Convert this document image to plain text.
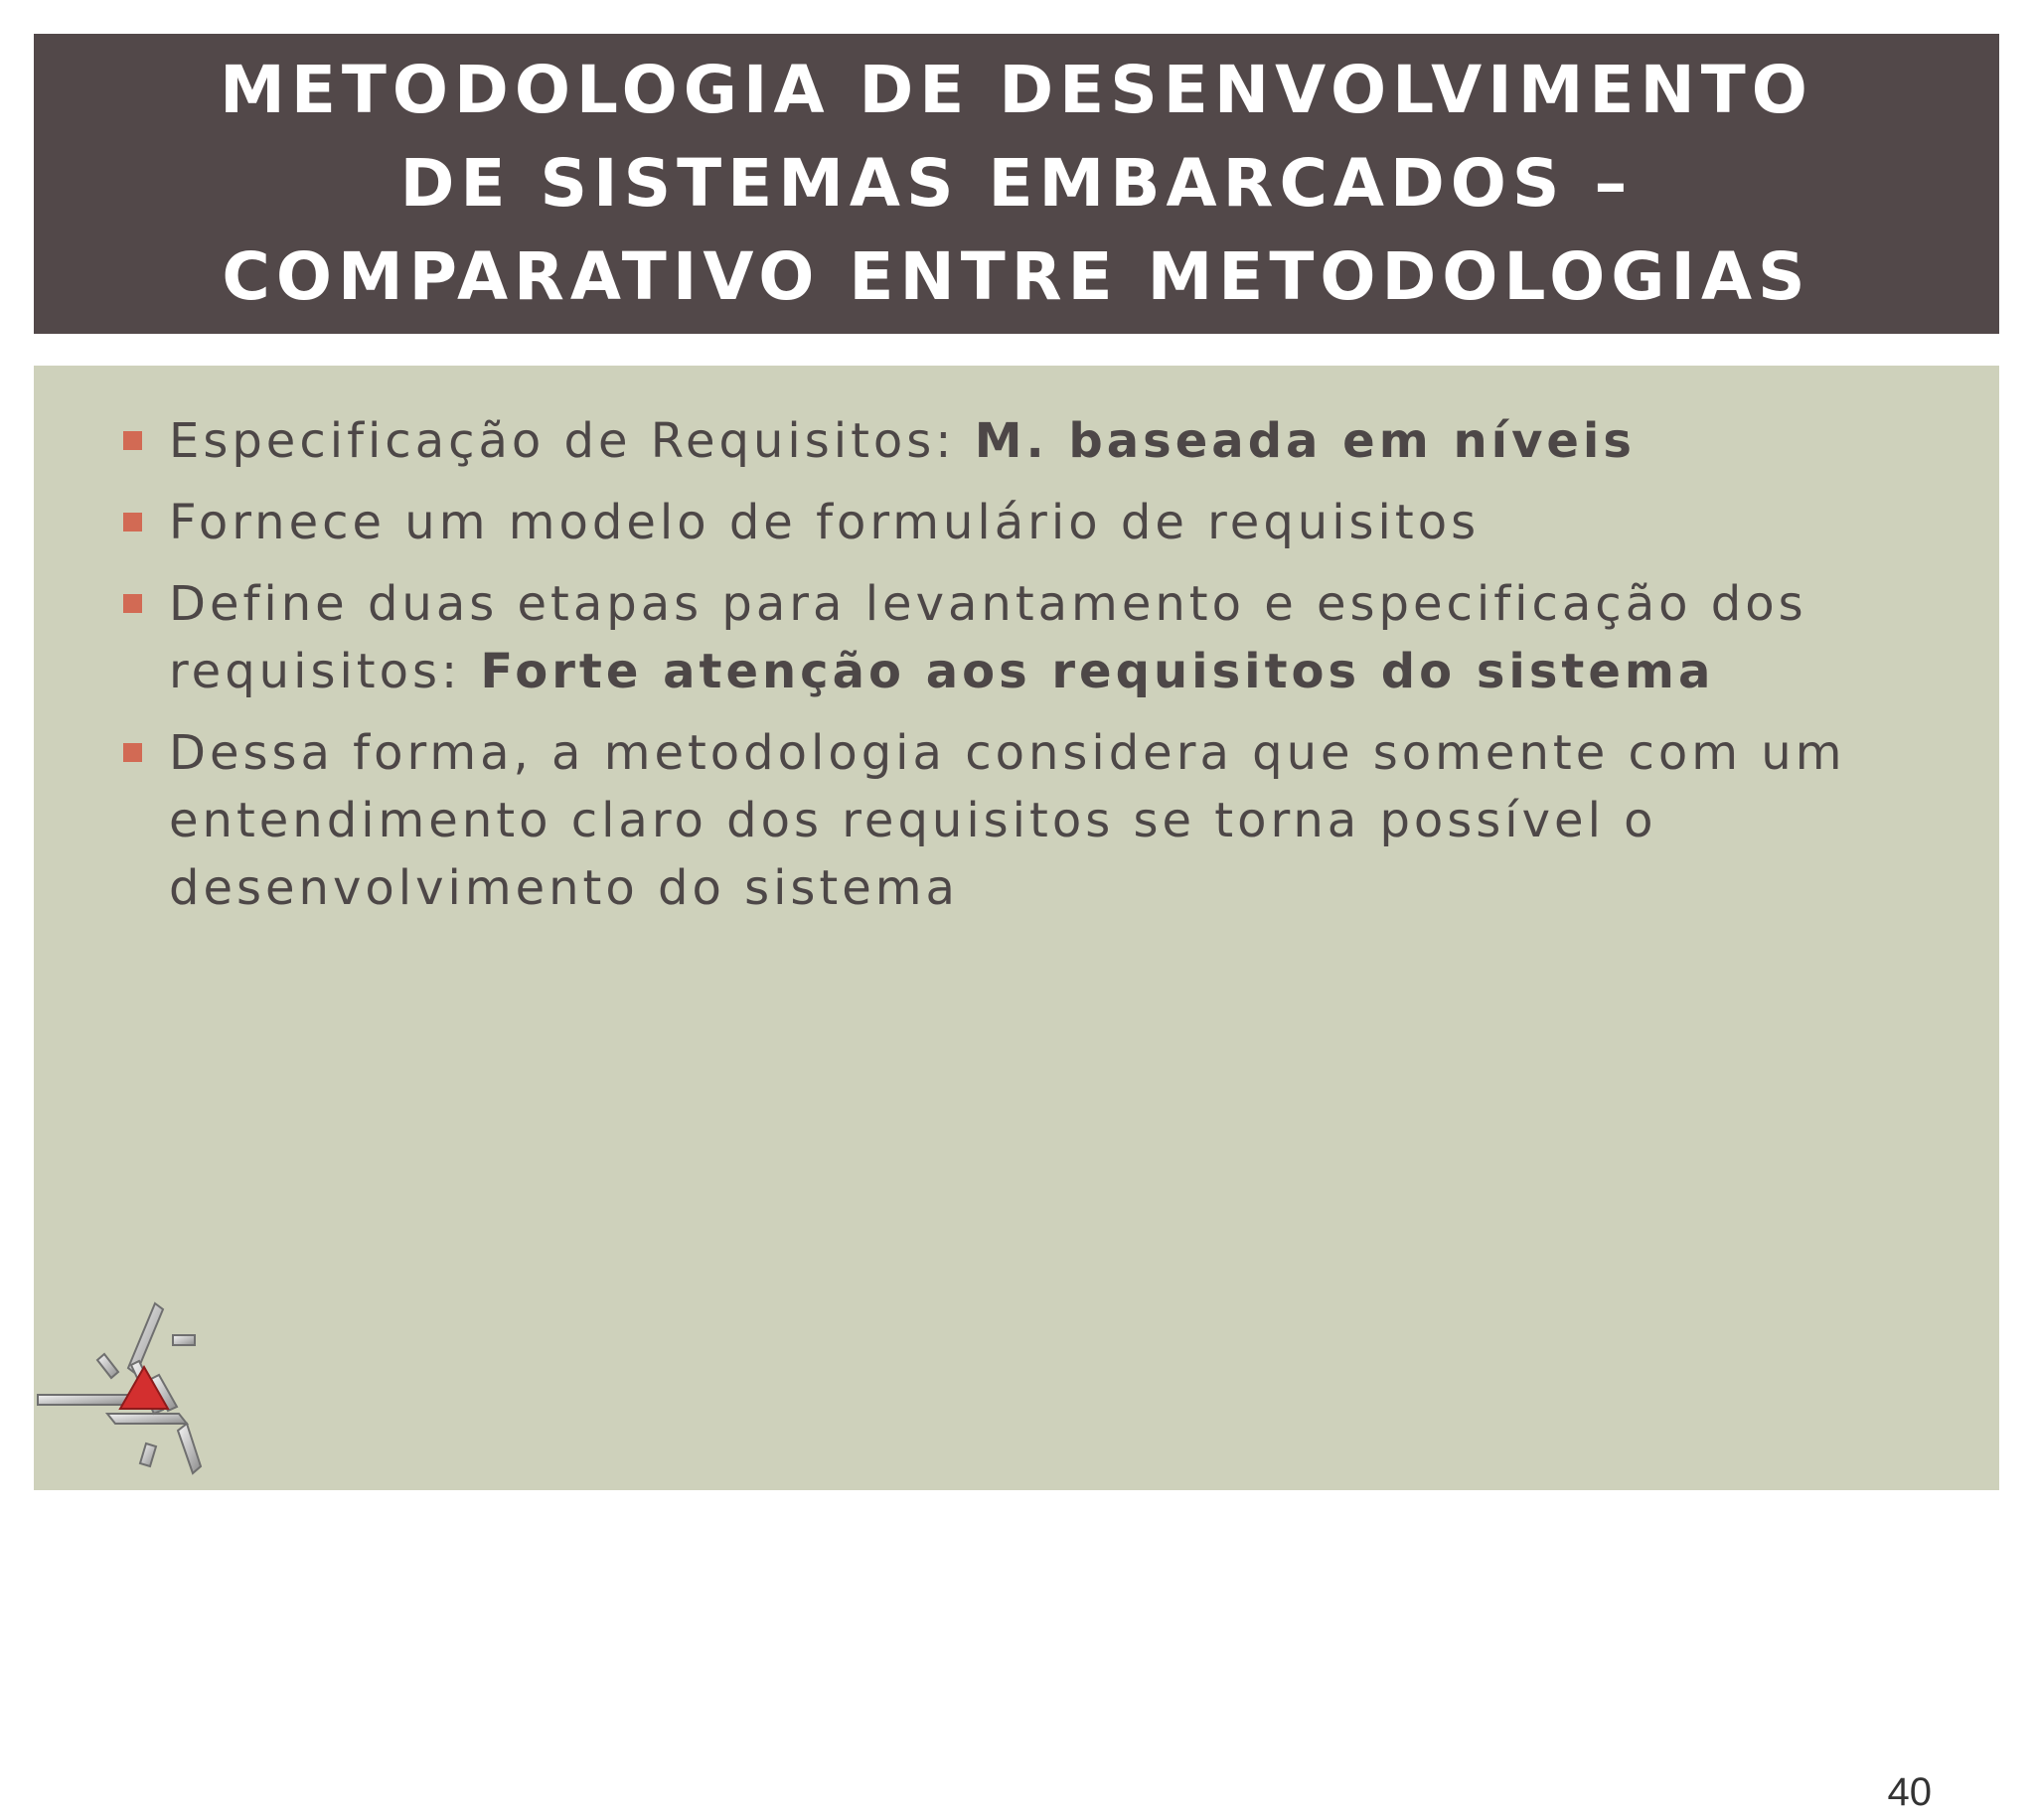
METODOLOGIA DE DESENVOLVIMENTO DE SISTEMAS EMBARCADOS – COMPARATIVO ENTRE METODOLOGIAS
Especificação de Requisitos: M. baseada em níveis
Fornece um modelo de formulário de requisitos
Define duas etapas para levantamento e especificação dos requisitos: Forte atenção aos requisitos do sistema
Dessa forma, a metodologia considera que somente com um entendimento claro dos requisitos se torna possível o desenvolvimento do sistema
40
